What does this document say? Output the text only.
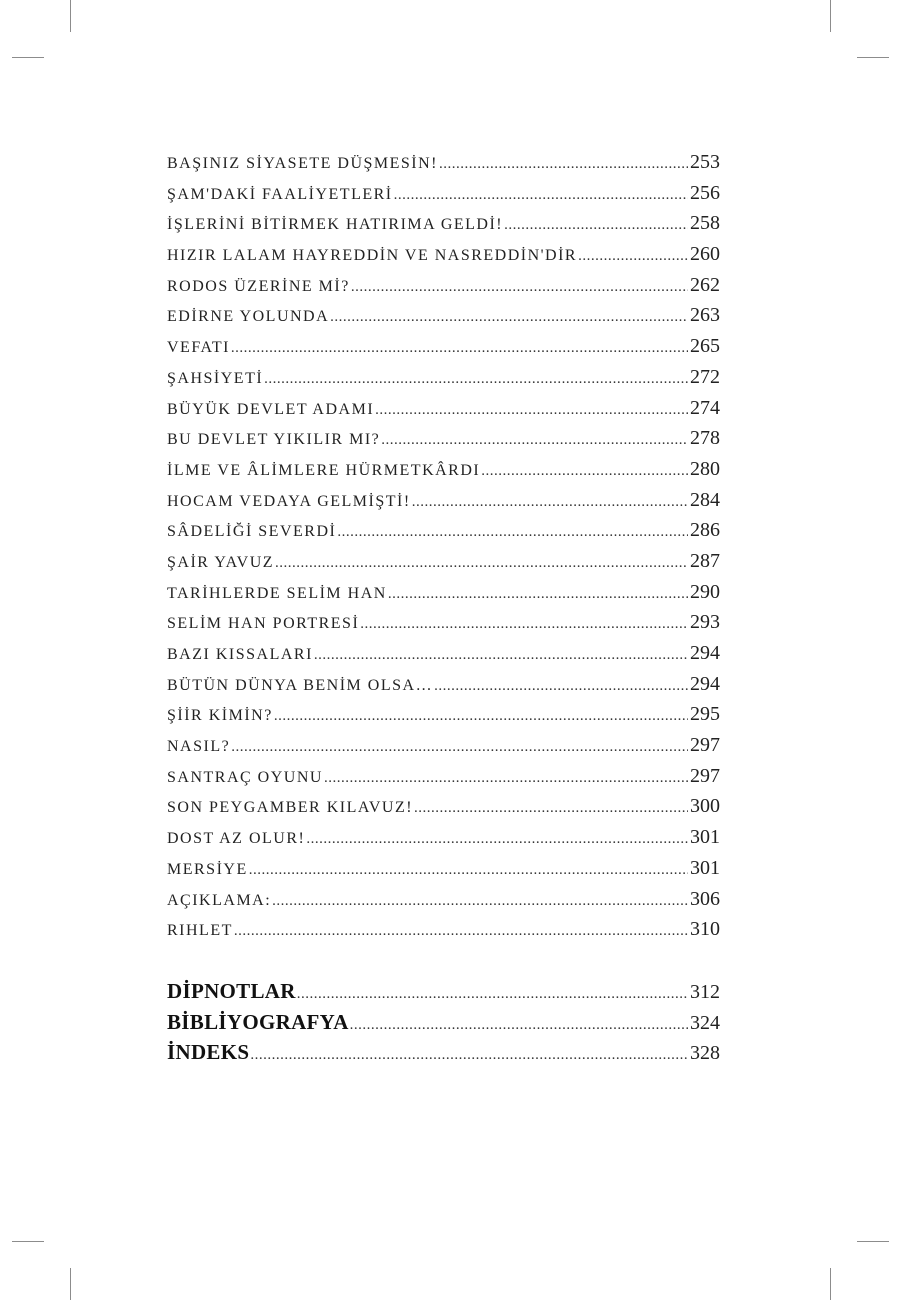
BAŞINIZ SİYASETE DÜŞMESİN! .....	253
ŞAM'DAKİ FAALİYETLERİ .....	256
İŞLERİNİ BİTİRMEK HATIRIMA GELDİ! .....	258
HIZIR LALAM HAYREDDİN VE NASREDDİN'DİR .....	260
RODOS ÜZERİNE Mİ? .....	262
EDİRNE YOLUNDA .....	263
VEFATI .....	265
ŞAHSİYETİ .....	272
BÜYÜK DEVLET ADAMI .....	274
BU DEVLET YIKILIR MI? .....	278
İLME VE ÂLİMLERE HÜRMETKÂRDI .....	280
HOCAM VEDAYA GELMİŞTİ! .....	284
SÂDELİĞİ SEVERDİ .....	286
ŞAİR YAVUZ .....	287
TARİHLERDE SELİM HAN .....	290
SELİM HAN PORTRESİ .....	293
BAZI KISSALARI .....	294
BÜTÜN DÜNYA BENİM OLSA… .....	294
ŞİİR KİMİN? .....	295
NASIL? .....	297
SANTRAÇ OYUNU .....	297
SON PEYGAMBER KILAVUZ! .....	300
DOST AZ OLUR! .....	301
MERSİYE .....	301
AÇIKLAMA: .....	306
RIHLET .....	310
DİPNOTLAR .....	312
BİBLİYOGRAFYA .....	324
İNDEKS .....	328
